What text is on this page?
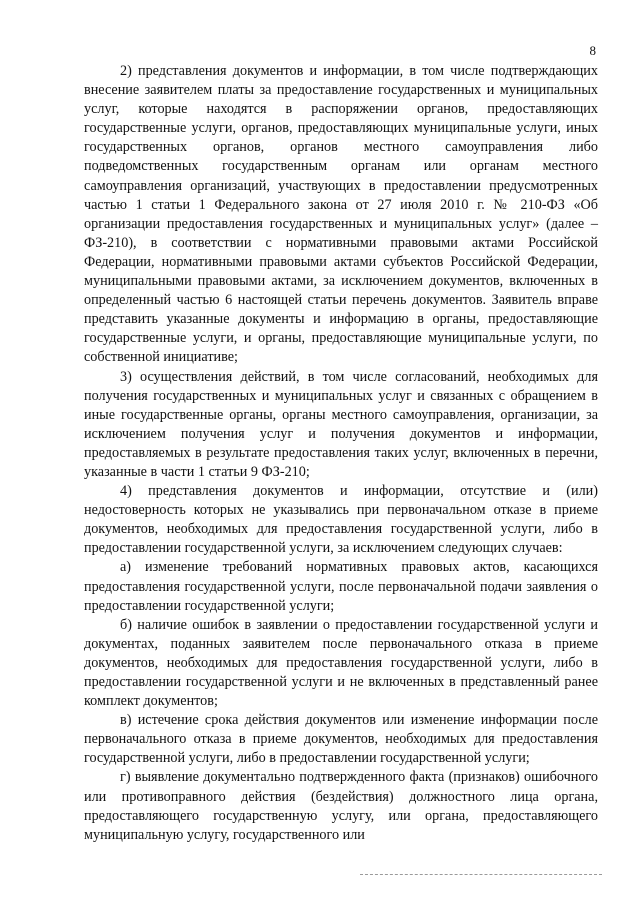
8

2) представления документов и информации, в том числе подтверждающих внесение заявителем платы за предоставление государственных и муниципальных услуг, которые находятся в распоряжении органов, предоставляющих государственные услуги, органов, предоставляющих муниципальные услуги, иных государственных органов, органов местного самоуправления либо подведомственных государственным органам или органам местного самоуправления организаций, участвующих в предоставлении предусмотренных частью 1 статьи 1 Федерального закона от 27 июля 2010 г. № 210-ФЗ «Об организации предоставления государственных и муниципальных услуг» (далее – ФЗ-210), в соответствии с нормативными правовыми актами Российской Федерации, нормативными правовыми актами субъектов Российской Федерации, муниципальными правовыми актами, за исключением документов, включенных в определенный частью 6 настоящей статьи перечень документов. Заявитель вправе представить указанные документы и информацию в органы, предоставляющие государственные услуги, и органы, предоставляющие муниципальные услуги, по собственной инициативе;

3) осуществления действий, в том числе согласований, необходимых для получения государственных и муниципальных услуг и связанных с обращением в иные государственные органы, органы местного самоуправления, организации, за исключением получения услуг и получения документов и информации, предоставляемых в результате предоставления таких услуг, включенных в перечни, указанные в части 1 статьи 9 ФЗ-210;

4) представления документов и информации, отсутствие и (или) недостоверность которых не указывались при первоначальном отказе в приеме документов, необходимых для предоставления государственной услуги, либо в предоставлении государственной услуги, за исключением следующих случаев:

а) изменение требований нормативных правовых актов, касающихся предоставления государственной услуги, после первоначальной подачи заявления о предоставлении государственной услуги;

б) наличие ошибок в заявлении о предоставлении государственной услуги и документах, поданных заявителем после первоначального отказа в приеме документов, необходимых для предоставления государственной услуги, либо в предоставлении государственной услуги и не включенных в представленный ранее комплект документов;

в) истечение срока действия документов или изменение информации после первоначального отказа в приеме документов, необходимых для предоставления государственной услуги, либо в предоставлении государственной услуги;

г) выявление документально подтвержденного факта (признаков) ошибочного или противоправного действия (бездействия) должностного лица органа, предоставляющего государственную услугу, или органа, предоставляющего муниципальную услугу, государственного или
